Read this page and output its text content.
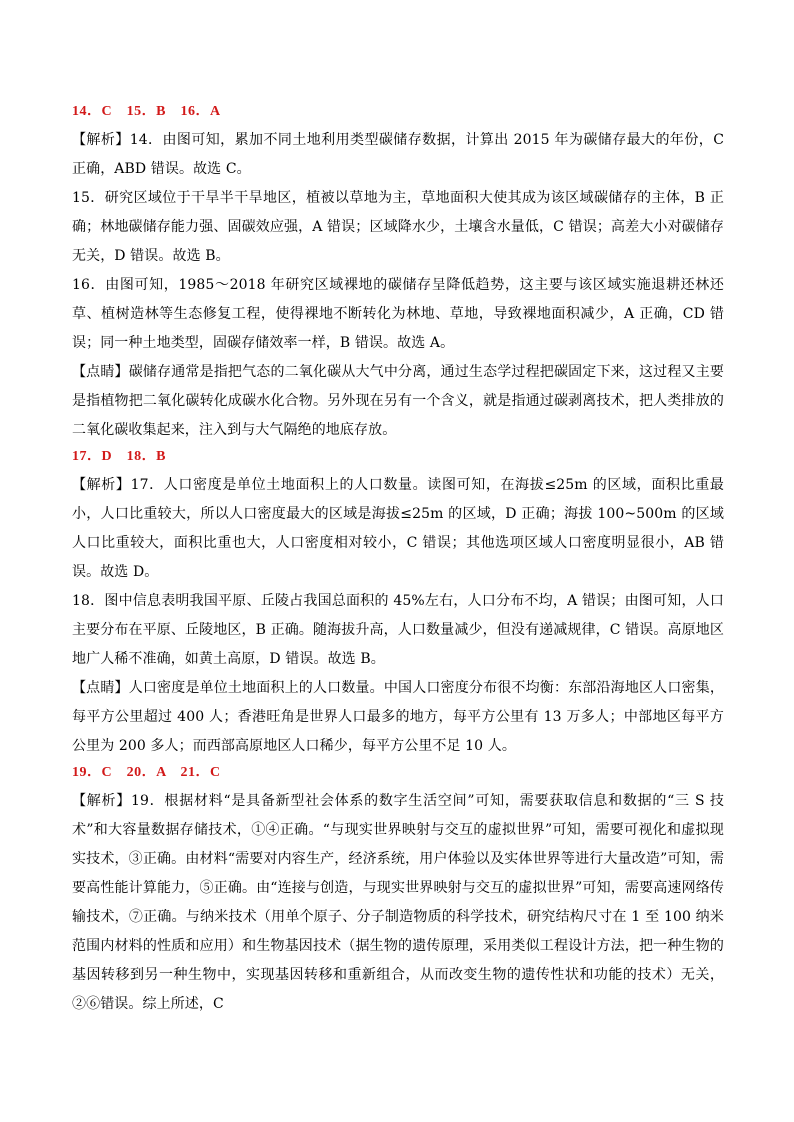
14．C　15．B　16．A

【解析】14．由图可知，累加不同土地利用类型碳储存数据，计算出 2015 年为碳储存最大的年份，C 正确，ABD 错误。故选 C。

15．研究区域位于干旱半干旱地区，植被以草地为主，草地面积大使其成为该区域碳储存的主体，B 正确；林地碳储存能力强、固碳效应强，A 错误；区域降水少，土壤含水量低，C 错误；高差大小对碳储存无关，D 错误。故选 B。

16．由图可知，1985～2018 年研究区域裸地的碳储存呈降低趋势，这主要与该区域实施退耕还林还草、植树造林等生态修复工程，使得裸地不断转化为林地、草地，导致裸地面积减少，A 正确，CD 错误；同一种土地类型，固碳存储效率一样，B 错误。故选 A。

【点睛】碳储存通常是指把气态的二氧化碳从大气中分离，通过生态学过程把碳固定下来，这过程又主要是指植物把二氧化碳转化成碳水化合物。另外现在另有一个含义，就是指通过碳剥离技术，把人类排放的二氧化碳收集起来，注入到与大气隔绝的地底存放。

17．D　18．B

【解析】17．人口密度是单位土地面积上的人口数量。读图可知，在海拔≤25m 的区域，面积比重最小，人口比重较大，所以人口密度最大的区域是海拔≤25m 的区域，D 正确；海拔 100~500m 的区域人口比重较大，面积比重也大，人口密度相对较小，C 错误；其他选项区域人口密度明显很小，AB 错误。故选 D。

18．图中信息表明我国平原、丘陵占我国总面积的 45%左右，人口分布不均，A 错误；由图可知，人口主要分布在平原、丘陵地区，B 正确。随海拔升高，人口数量减少，但没有递减规律，C 错误。高原地区地广人稀不准确，如黄土高原，D 错误。故选 B。

【点睛】人口密度是单位土地面积上的人口数量。中国人口密度分布很不均衡：东部沿海地区人口密集，每平方公里超过 400 人；香港旺角是世界人口最多的地方，每平方公里有 13 万多人；中部地区每平方公里为 200 多人；而西部高原地区人口稀少，每平方公里不足 10 人。

19．C　20．A　21．C

【解析】19．根据材料“是具备新型社会体系的数字生活空间”可知，需要获取信息和数据的“三 S 技术”和大容量数据存储技术，①④正确。“与现实世界映射与交互的虚拟世界”可知，需要可视化和虚拟现实技术，③正确。由材料“需要对内容生产，经济系统，用户体验以及实体世界等进行大量改造”可知，需要高性能计算能力，⑤正确。由“连接与创造，与现实世界映射与交互的虚拟世界”可知，需要高速网络传输技术，⑦正确。与纳米技术（用单个原子、分子制造物质的科学技术，研究结构尺寸在 1 至 100 纳米范围内材料的性质和应用）和生物基因技术（据生物的遗传原理，采用类似工程设计方法，把一种生物的基因转移到另一种生物中，实现基因转移和重新组合，从而改变生物的遗传性状和功能的技术）无关，②⑥错误。综上所述，C
